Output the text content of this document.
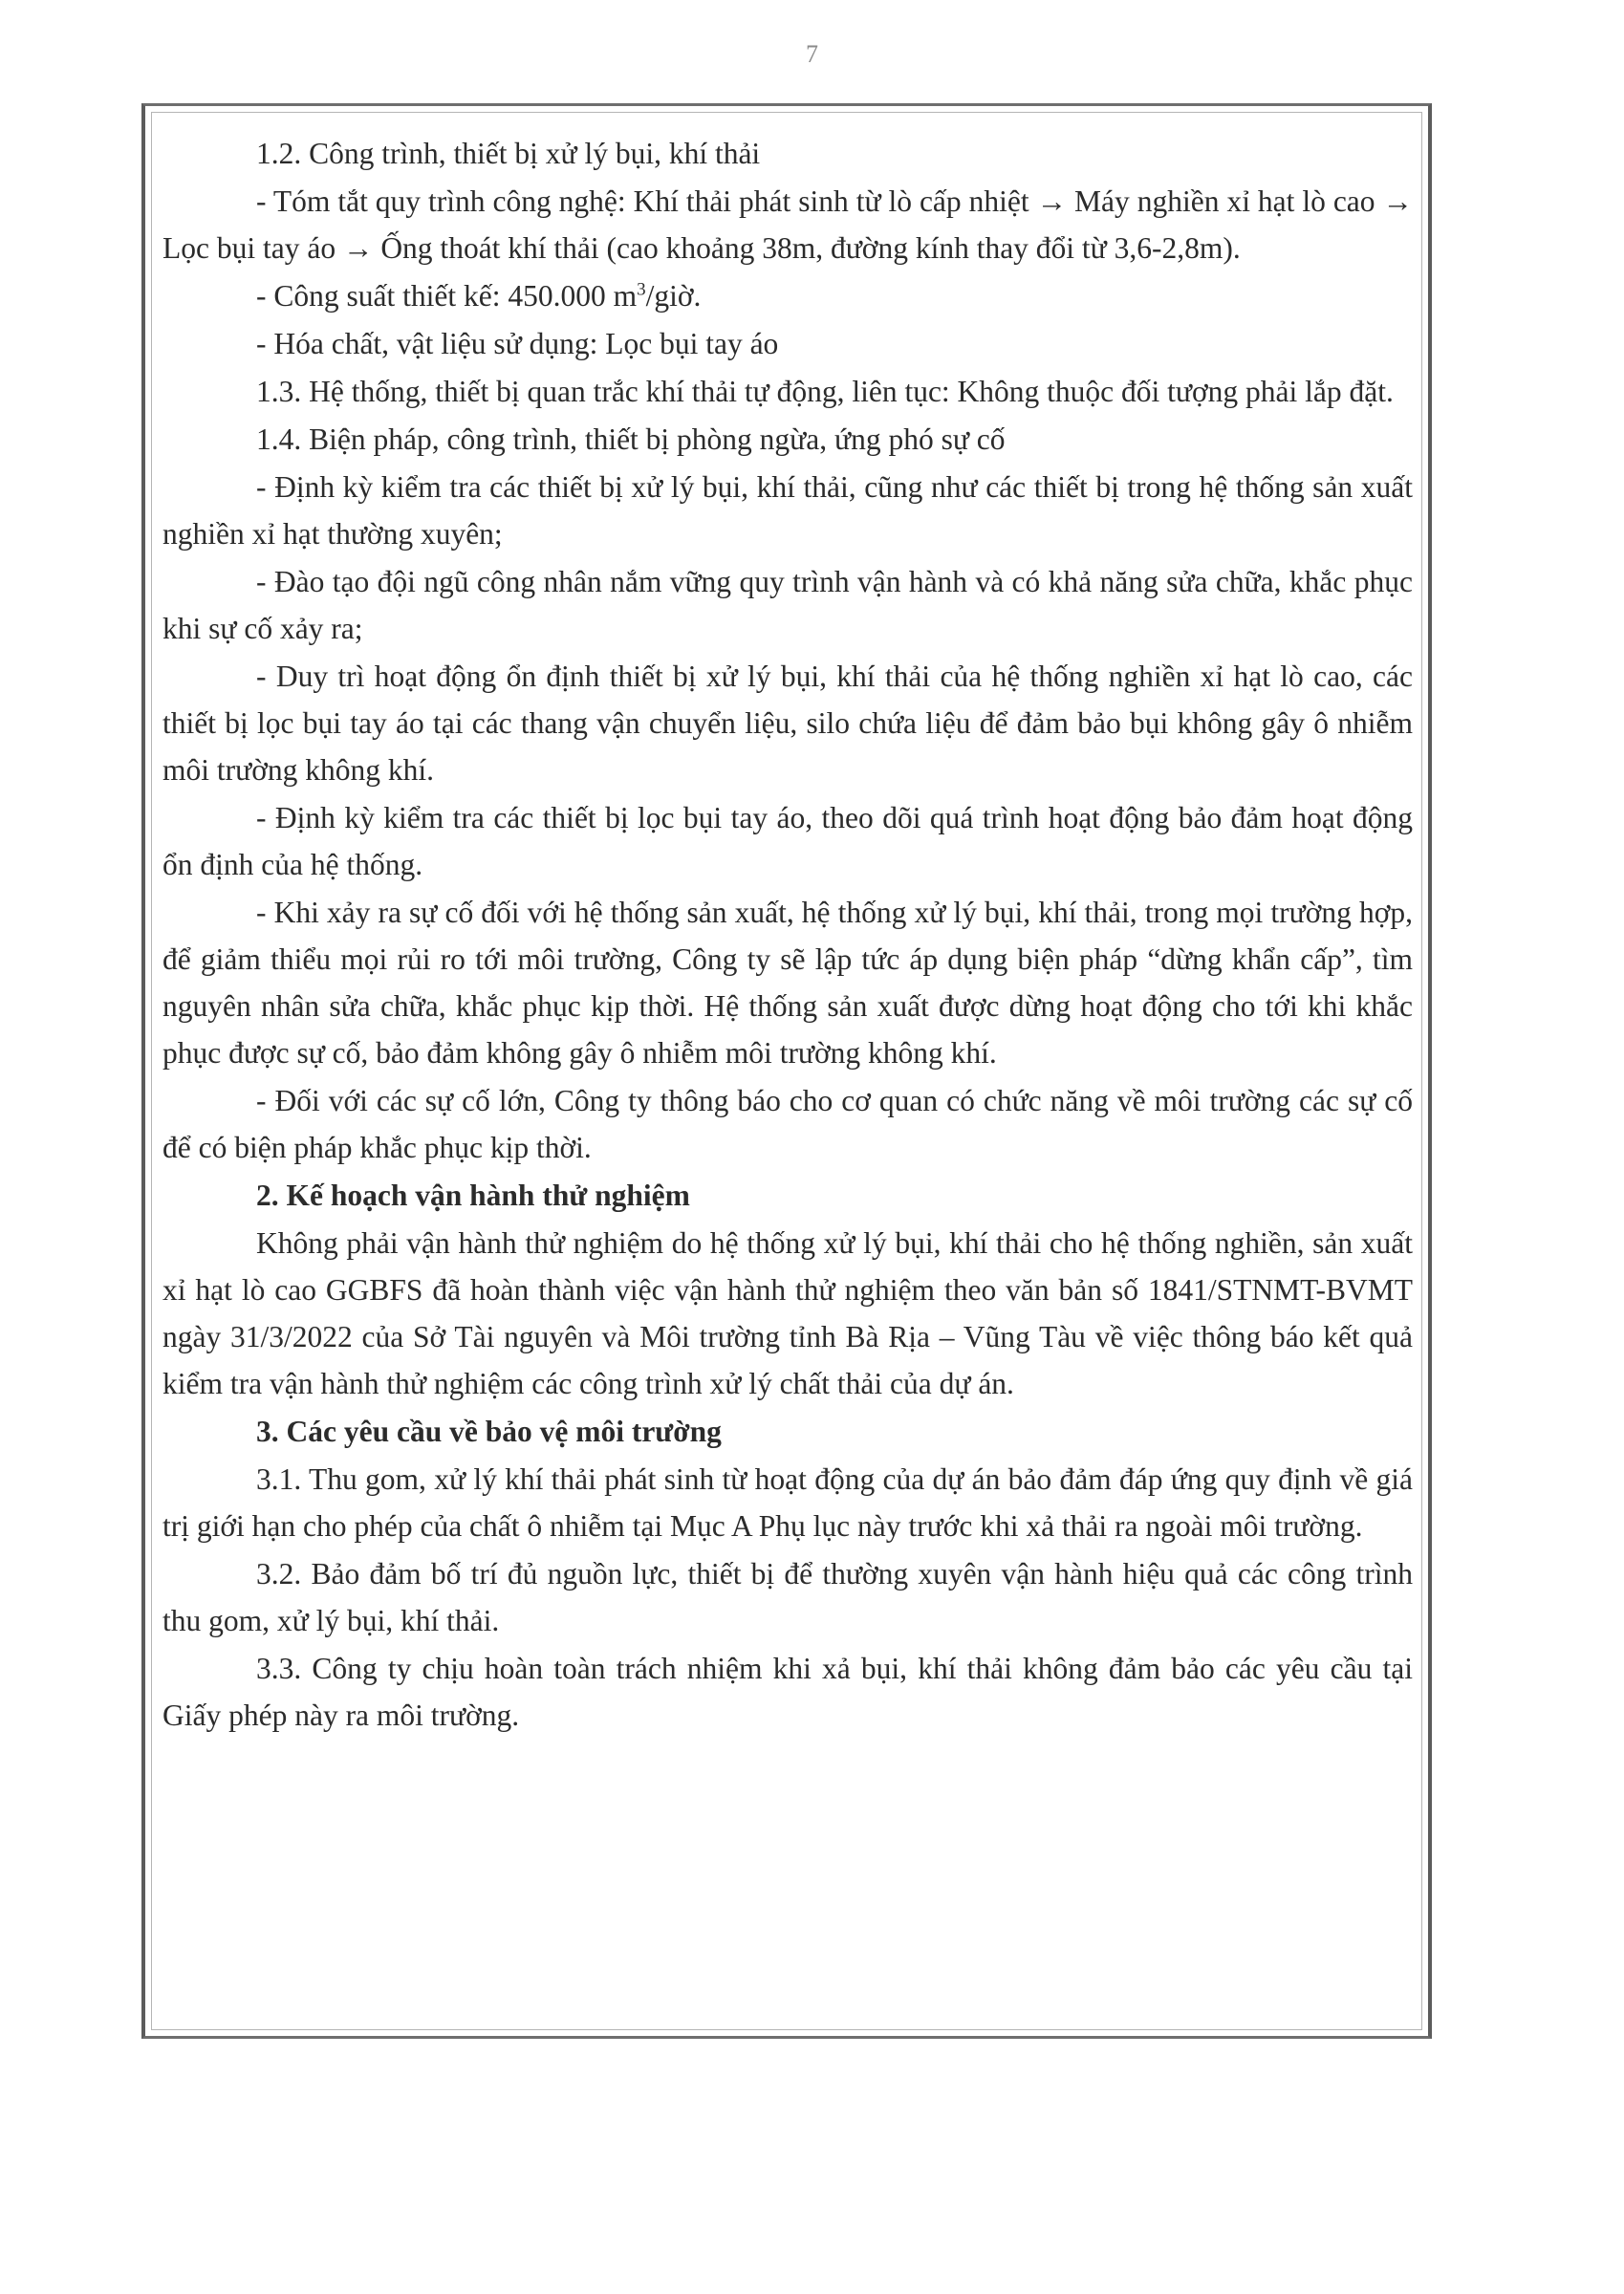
7

1.2. Công trình, thiết bị xử lý bụi, khí thải

- Tóm tắt quy trình công nghệ: Khí thải phát sinh từ lò cấp nhiệt → Máy nghiền xỉ hạt lò cao → Lọc bụi tay áo → Ống thoát khí thải (cao khoảng 38m, đường kính thay đổi từ 3,6-2,8m).

- Công suất thiết kế: 450.000 $m^3$/giờ.

- Hóa chất, vật liệu sử dụng: Lọc bụi tay áo

1.3. Hệ thống, thiết bị quan trắc khí thải tự động, liên tục: Không thuộc đối tượng phải lắp đặt.

1.4. Biện pháp, công trình, thiết bị phòng ngừa, ứng phó sự cố

- Định kỳ kiểm tra các thiết bị xử lý bụi, khí thải, cũng như các thiết bị trong hệ thống sản xuất nghiền xỉ hạt thường xuyên;

- Đào tạo đội ngũ công nhân nắm vững quy trình vận hành và có khả năng sửa chữa, khắc phục khi sự cố xảy ra;

- Duy trì hoạt động ổn định thiết bị xử lý bụi, khí thải của hệ thống nghiền xỉ hạt lò cao, các thiết bị lọc bụi tay áo tại các thang vận chuyển liệu, silo chứa liệu để đảm bảo bụi không gây ô nhiễm môi trường không khí.

- Định kỳ kiểm tra các thiết bị lọc bụi tay áo, theo dõi quá trình hoạt động bảo đảm hoạt động ổn định của hệ thống.

- Khi xảy ra sự cố đối với hệ thống sản xuất, hệ thống xử lý bụi, khí thải, trong mọi trường hợp, để giảm thiểu mọi rủi ro tới môi trường, Công ty sẽ lập tức áp dụng biện pháp “dừng khẩn cấp”, tìm nguyên nhân sửa chữa, khắc phục kịp thời. Hệ thống sản xuất được dừng hoạt động cho tới khi khắc phục được sự cố, bảo đảm không gây ô nhiễm môi trường không khí.

- Đối với các sự cố lớn, Công ty thông báo cho cơ quan có chức năng về môi trường các sự cố để có biện pháp khắc phục kịp thời.

2. Kế hoạch vận hành thử nghiệm

Không phải vận hành thử nghiệm do hệ thống xử lý bụi, khí thải cho hệ thống nghiền, sản xuất xỉ hạt lò cao GGBFS đã hoàn thành việc vận hành thử nghiệm theo văn bản số 1841/STNMT-BVMT ngày 31/3/2022 của Sở Tài nguyên và Môi trường tỉnh Bà Rịa – Vũng Tàu về việc thông báo kết quả kiểm tra vận hành thử nghiệm các công trình xử lý chất thải của dự án.

3. Các yêu cầu về bảo vệ môi trường

3.1. Thu gom, xử lý khí thải phát sinh từ hoạt động của dự án bảo đảm đáp ứng quy định về giá trị giới hạn cho phép của chất ô nhiễm tại Mục A Phụ lục này trước khi xả thải ra ngoài môi trường.

3.2. Bảo đảm bố trí đủ nguồn lực, thiết bị để thường xuyên vận hành hiệu quả các công trình thu gom, xử lý bụi, khí thải.

3.3. Công ty chịu hoàn toàn trách nhiệm khi xả bụi, khí thải không đảm bảo các yêu cầu tại Giấy phép này ra môi trường.
